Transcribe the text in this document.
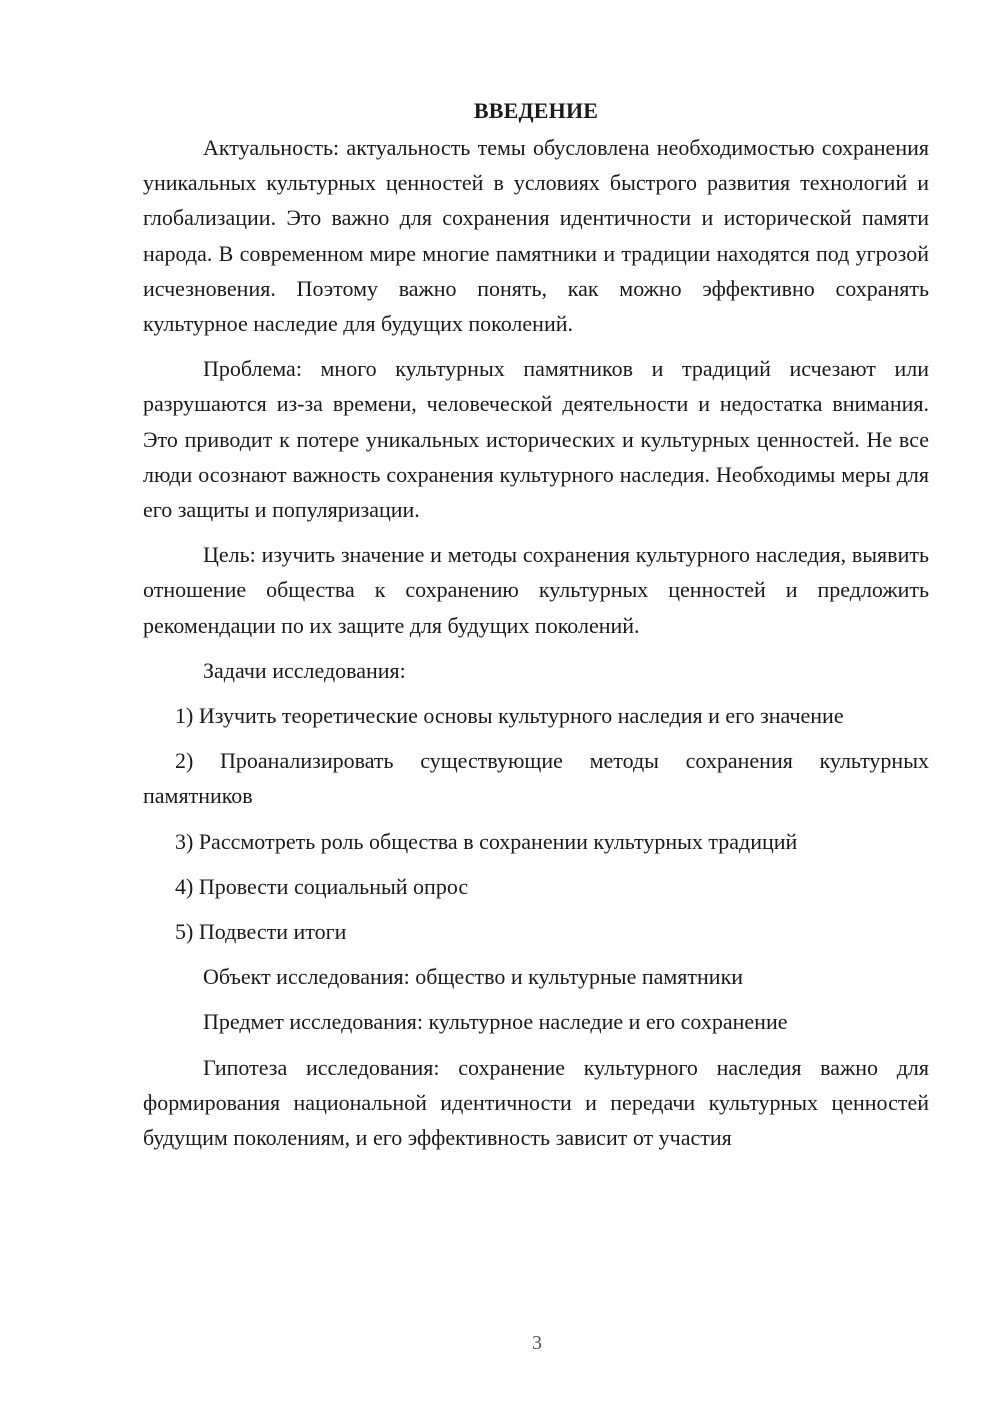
ВВЕДЕНИЕ

Актуальность: актуальность темы обусловлена необходимостью сохранения уникальных культурных ценностей в условиях быстрого развития технологий и глобализации. Это важно для сохранения идентичности и исторической памяти народа. В современном мире многие памятники и традиции находятся под угрозой исчезновения. Поэтому важно понять, как можно эффективно сохранять культурное наследие для будущих поколений.

Проблема: много культурных памятников и традиций исчезают или разрушаются из-за времени, человеческой деятельности и недостатка внимания. Это приводит к потере уникальных исторических и культурных ценностей. Не все люди осознают важность сохранения культурного наследия. Необходимы меры для его защиты и популяризации.

Цель: изучить значение и методы сохранения культурного наследия, выявить отношение общества к сохранению культурных ценностей и предложить рекомендации по их защите для будущих поколений.

Задачи исследования:

1) Изучить теоретические основы культурного наследия и его значение

2) Проанализировать существующие методы сохранения культурных памятников

3) Рассмотреть роль общества в сохранении культурных традиций

4) Провести социальный опрос

5) Подвести итоги

Объект исследования: общество и культурные памятники

Предмет исследования: культурное наследие и его сохранение

Гипотеза исследования: сохранение культурного наследия важно для формирования национальной идентичности и передачи культурных ценностей будущим поколениям, и его эффективность зависит от участия

3
